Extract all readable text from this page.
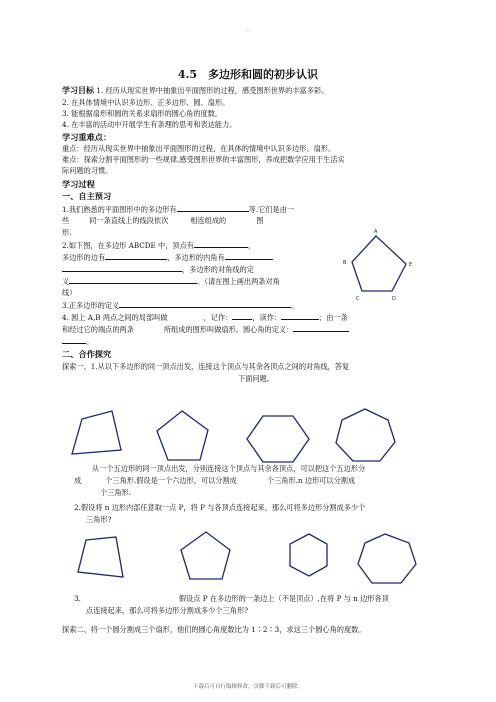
·
4.5　多边形和圆的初步认识
学习目标 1. 经历从现实世界中抽象出平面图形的过程，感受图形世界的丰富多彩。
2. 在具体情境中认识多边形、正多边形、圆、扇形。
3. 能根据扇形和圆的关系求扇形的圆心角的度数。
4. 在丰富的活动中开展学生有条理的思考和表达能力。
学习重难点：
重点：经历从现实世界中抽象出平面图形的过程，在具体的情境中认识多边形、扇形。
难点：探索分割平面图形的一些规律,感受图形世界的丰富图形，养成把数学应用于生活实
际问题的习惯。
学习过程
一、自主预习
1.我们熟悉的平面图形中的多边形有	等.它们是由一
些	同一条直线上的线段依次	相连组成的	图
形.
2.如下图，在多边形 ABCDE 中，顶点有	，
多边形的边有	，多边形的内角有
，多边形的对角线的定
义	。（请在图上画出两条对角
线）
A
B	E
C	D
3.正多边形的定义	。
4. 圆上 A,B 两点之间的局部叫做	，记作：	，读作：	；由一条
和经过它的端点的两条	所组成的图形叫做扇形。圆心角的定义：
。
二、合作探究
探索一、1.从以下多边形的同一顶点出发，连接这个顶点与其余各顶点之间的对角线，答复
下面问题。
从一个五边形的同一顶点出发，分别连接这个顶点与其余各顶点，可以把这个五边形分
成	个三角形.假设是一个六边形，可以分割成	个三角形.n 边形可以分割成
个三角形.
2.假设将 n 边形内部任意取一点 P，将 P 与各顶点连接起来，那么可将多边形分割成多少个
三角形?
3.	假设点 P 在多边形的一条边上（不是顶点）,在将 P 与 n 边形各顶
点连接起来，那么可将多边形分割成多少个三角形?
探索二、将一个圆分割成三个扇形，他们的圆心角度数比为 1∶2∶3，求这三个圆心角的度数。
下载后可自行编辑修改，页脚下载后可删除。
